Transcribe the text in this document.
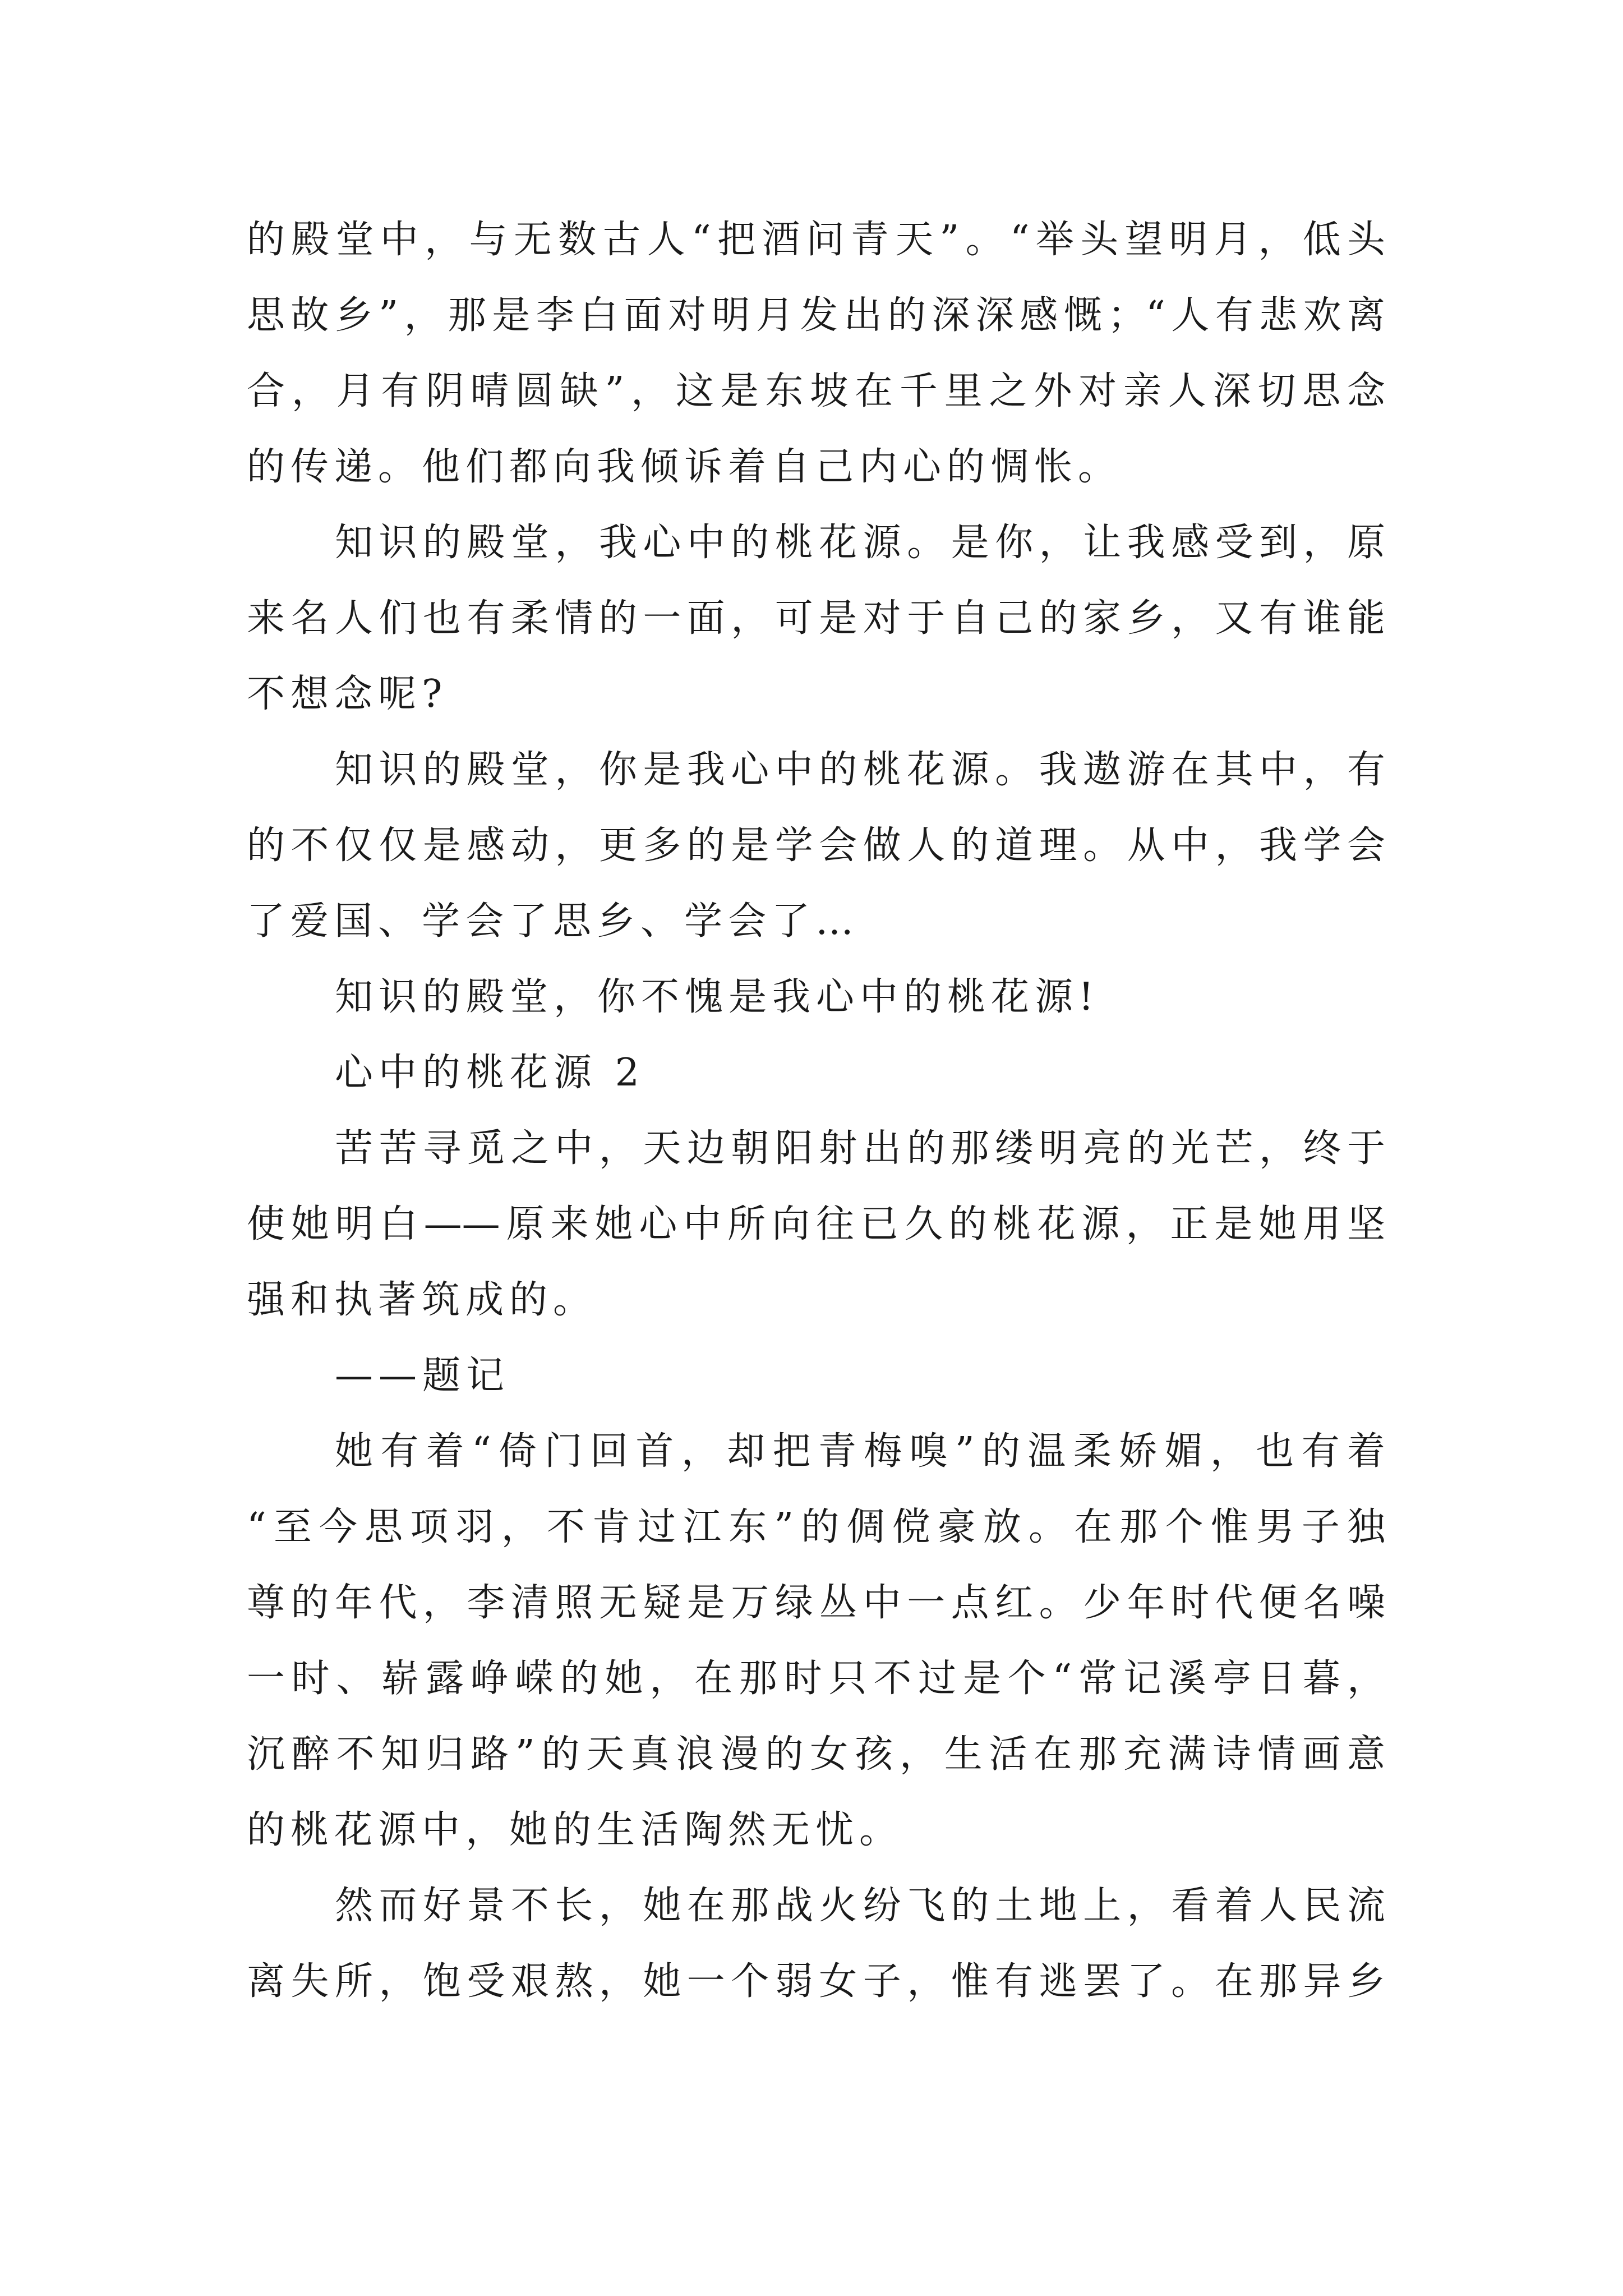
的殿堂中，与无数古人“把酒问青天”。“举头望明月，低头
思故乡”，那是李白面对明月发出的深深感慨；“人有悲欢离
合，月有阴晴圆缺”，这是东坡在千里之外对亲人深切思念
的传递。他们都向我倾诉着自己内心的惆怅。
知识的殿堂，我心中的桃花源。是你，让我感受到，原
来名人们也有柔情的一面，可是对于自己的家乡，又有谁能
不想念呢?
知识的殿堂，你是我心中的桃花源。我遨游在其中，有
的不仅仅是感动，更多的是学会做人的道理。从中，我学会
了爱国、学会了思乡、学会了…
知识的殿堂，你不愧是我心中的桃花源!
心中的桃花源 2
苦苦寻觅之中，天边朝阳射出的那缕明亮的光芒，终于
使她明白——原来她心中所向往已久的桃花源，正是她用坚
强和执著筑成的。
——题记
她有着“倚门回首，却把青梅嗅”的温柔娇媚，也有着
“至今思项羽，不肯过江东”的倜傥豪放。在那个惟男子独
尊的年代，李清照无疑是万绿丛中一点红。少年时代便名噪
一时、崭露峥嵘的她，在那时只不过是个“常记溪亭日暮，
沉醉不知归路”的天真浪漫的女孩，生活在那充满诗情画意
的桃花源中，她的生活陶然无忧。
然而好景不长，她在那战火纷飞的土地上，看着人民流
离失所，饱受艰熬，她一个弱女子，惟有逃罢了。在那异乡
